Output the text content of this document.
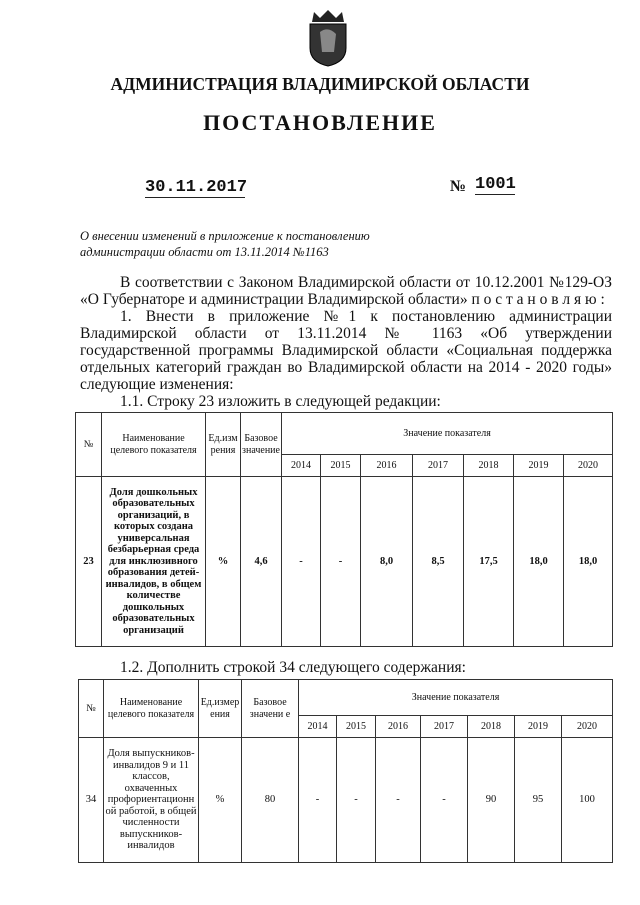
АДМИНИСТРАЦИЯ ВЛАДИМИРСКОЙ ОБЛАСТИ
ПОСТАНОВЛЕНИЕ
30.11.2017	№ 1001
О внесении изменений в приложение к постановлению
администрации области от 13.11.2014 №1163
В соответствии с Законом Владимирской области от 10.12.2001 №129-ОЗ «О Губернаторе и администрации Владимирской области» п о с т а н о в л я ю :
1. Внести в приложение №1 к постановлению администрации Владимирской области от 13.11.2014 № 1163 «Об утверждении государственной программы Владимирской области «Социальная поддержка отдельных категорий граждан во Владимирской области на 2014 - 2020 годы» следующие изменения:
1.1. Строку 23 изложить в следующей редакции:
№	Наименование целевого показателя	Ед.изм рения	Базовое значение	Значение показателя						
				2014	2015	2016	2017	2018	2019	2020
23	Доля дошкольных образовательных организаций, в которых создана универсальная безбарьерная среда для инклюзивного образования детей-инвалидов, в общем количестве дошкольных образовательных организаций	%	4,6	-	-	8,0	8,5	17,5	18,0	18,0
1.2. Дополнить строкой 34 следующего содержания:
№	Наименование целевого показателя	Ед.измер ения	Базовое значени е	Значение показателя						
				2014	2015	2016	2017	2018	2019	2020
34	Доля выпускников-инвалидов 9 и 11 классов, охваченных профориентационн ой работой, в общей численности выпускников-инвалидов	%	80	-	-	-	-	90	95	100
